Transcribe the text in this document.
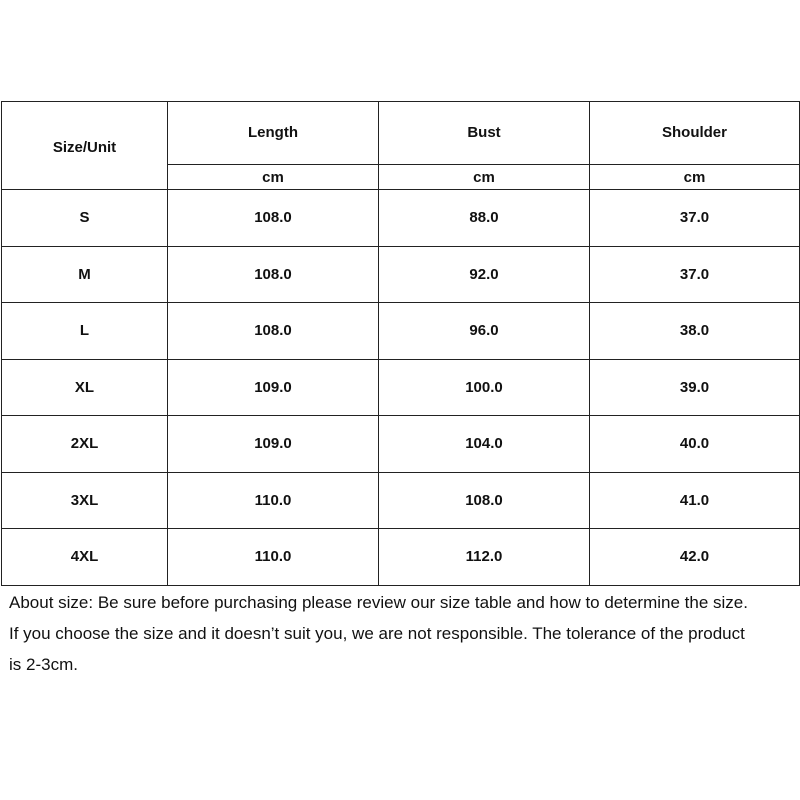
Size/Unit	Length	Bust	Shoulder
	cm	cm	cm
S	108.0	88.0	37.0
M	108.0	92.0	37.0
L	108.0	96.0	38.0
XL	109.0	100.0	39.0
2XL	109.0	104.0	40.0
3XL	110.0	108.0	41.0
4XL	110.0	112.0	42.0

About size: Be sure before purchasing please review our size table and how to determine the size.

If you choose the size and it doesn’t suit you, we are not responsible. The tolerance of the product

is 2-3cm.
